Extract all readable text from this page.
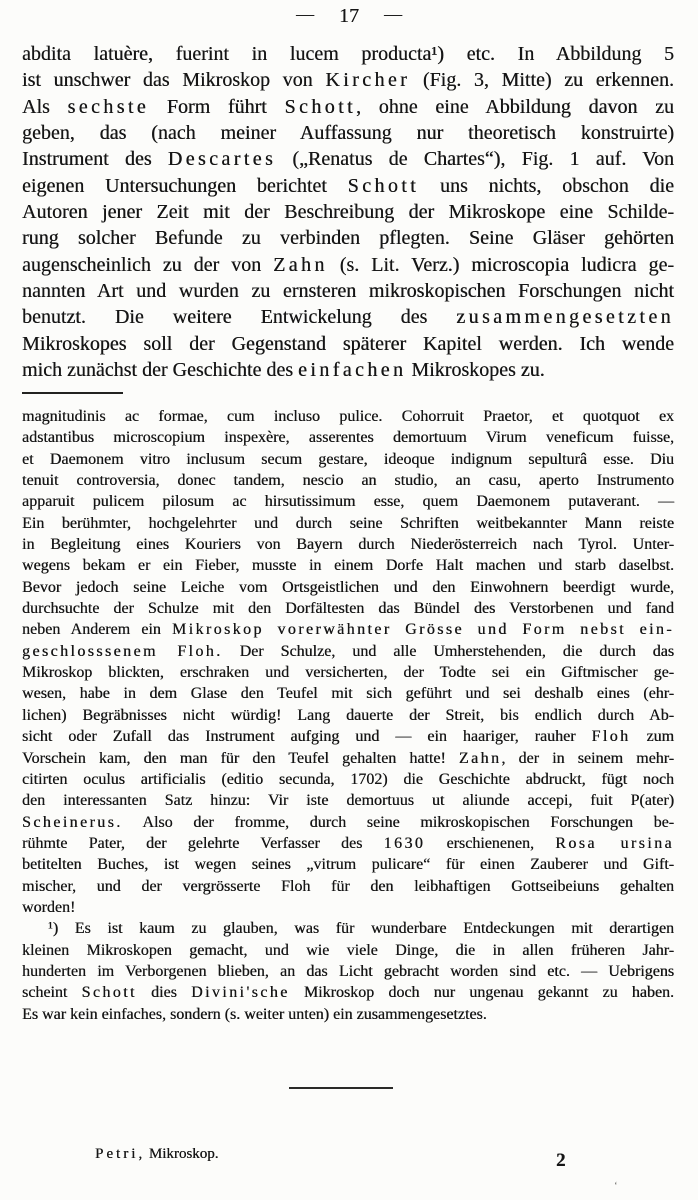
— 17 —
abdita latuère, fuerint in lucem producta¹) etc. In Abbildung 5
ist unschwer das Mikroskop von Kircher (Fig. 3, Mitte) zu erkennen.
Als sechste Form führt Schott, ohne eine Abbildung davon zu
geben, das (nach meiner Auffassung nur theoretisch konstruirte)
Instrument des Descartes („Renatus de Chartes“), Fig. 1 auf. Von
eigenen Untersuchungen berichtet Schott uns nichts, obschon die
Autoren jener Zeit mit der Beschreibung der Mikroskope eine Schilde-
rung solcher Befunde zu verbinden pflegten. Seine Gläser gehörten
augenscheinlich zu der von Zahn (s. Lit. Verz.) microscopia ludicra ge-
nannten Art und wurden zu ernsteren mikroskopischen Forschungen nicht
benutzt. Die weitere Entwickelung des zusammengesetzten
Mikroskopes soll der Gegenstand späterer Kapitel werden. Ich wende
mich zunächst der Geschichte des einfachen Mikroskopes zu.
magnitudinis ac formae, cum incluso pulice. Cohorruit Praetor, et quotquot ex
adstantibus microscopium inspexère, asserentes demortuum Virum veneficum fuisse,
et Daemonem vitro inclusum secum gestare, ideoque indignum sepulturâ esse. Diu
tenuit controversia, donec tandem, nescio an studio, an casu, aperto Instrumento
apparuit pulicem pilosum ac hirsutissimum esse, quem Daemonem putaverant. —
Ein berühmter, hochgelehrter und durch seine Schriften weitbekannter Mann reiste
in Begleitung eines Kouriers von Bayern durch Niederösterreich nach Tyrol. Unter-
wegens bekam er ein Fieber, musste in einem Dorfe Halt machen und starb daselbst.
Bevor jedoch seine Leiche vom Ortsgeistlichen und den Einwohnern beerdigt wurde,
durchsuchte der Schulze mit den Dorfältesten das Bündel des Verstorbenen und fand
neben Anderem ein Mikroskop vorerwähnter Grösse und Form nebst ein-
geschlosssenem Floh. Der Schulze, und alle Umherstehenden, die durch das
Mikroskop blickten, erschraken und versicherten, der Todte sei ein Giftmischer ge-
wesen, habe in dem Glase den Teufel mit sich geführt und sei deshalb eines (ehr-
lichen) Begräbnisses nicht würdig! Lang dauerte der Streit, bis endlich durch Ab-
sicht oder Zufall das Instrument aufging und — ein haariger, rauher Floh zum
Vorschein kam, den man für den Teufel gehalten hatte! Zahn, der in seinem mehr-
citirten oculus artificialis (editio secunda, 1702) die Geschichte abdruckt, fügt noch
den interessanten Satz hinzu: Vir iste demortuus ut aliunde accepi, fuit P(ater)
Scheinerus. Also der fromme, durch seine mikroskopischen Forschungen be-
rühmte Pater, der gelehrte Verfasser des 1630 erschienenen, Rosa ursina
betitelten Buches, ist wegen seines „vitrum pulicare“ für einen Zauberer und Gift-
mischer, und der vergrösserte Floh für den leibhaftigen Gottseibeiuns gehalten
worden!
¹) Es ist kaum zu glauben, was für wunderbare Entdeckungen mit derartigen
kleinen Mikroskopen gemacht, und wie viele Dinge, die in allen früheren Jahr-
hunderten im Verborgenen blieben, an das Licht gebracht worden sind etc. — Uebrigens
scheint Schott dies Divini'sche Mikroskop doch nur ungenau gekannt zu haben.
Es war kein einfaches, sondern (s. weiter unten) ein zusammengesetztes.
Petri, Mikroskop.	2
‘
